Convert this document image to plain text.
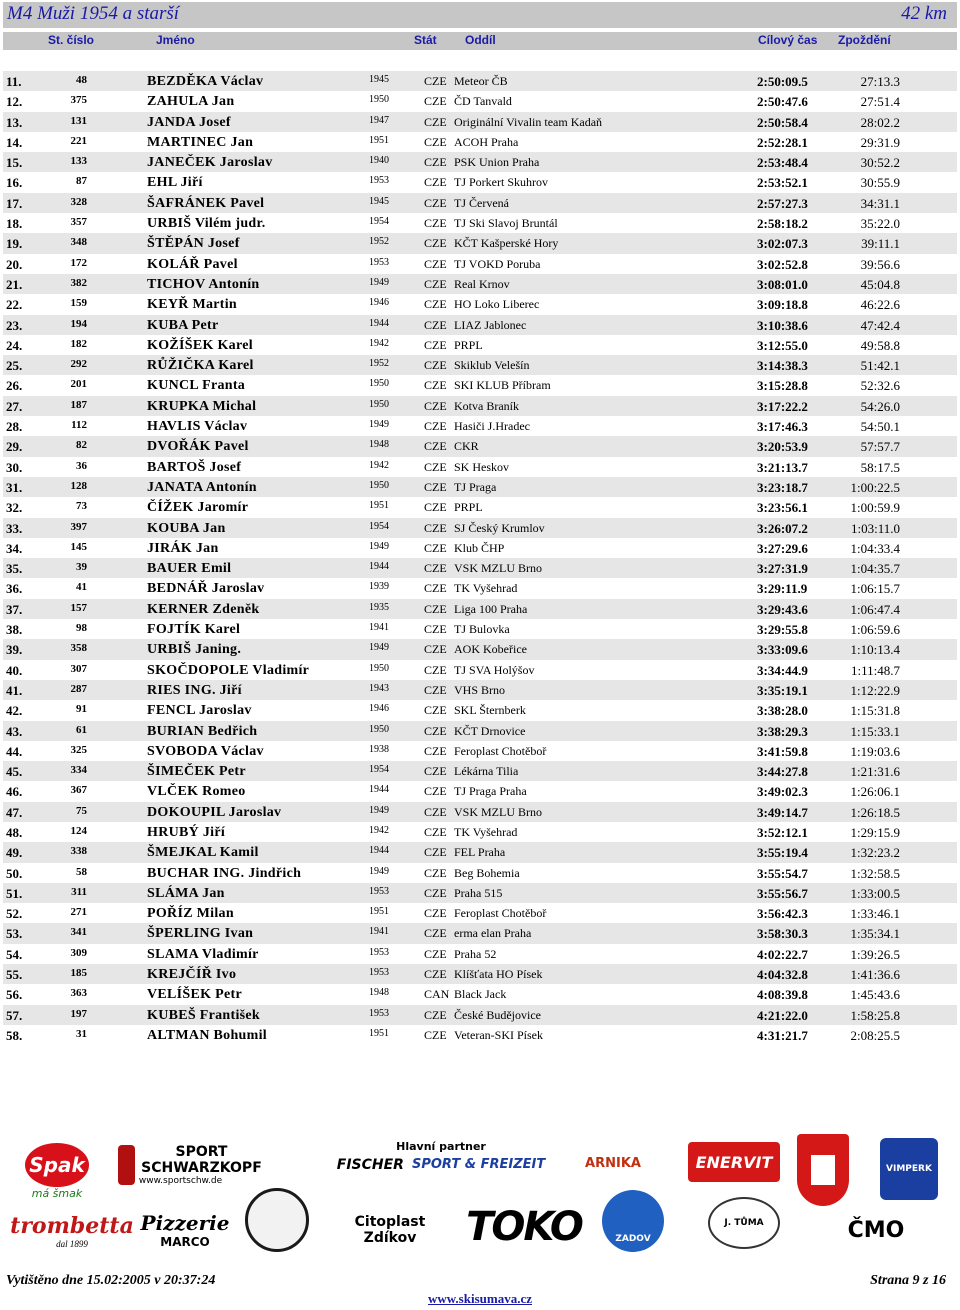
M4 Muži 1954 a starší	42 km
St. číslo	Jméno	Stát Oddíl	Cílový čas Zpoždění
11.	48	BEZDĚKA Václav	1945	CZE Meteor ČB	2:50:09.5	27:13.3
12.	375	ZAHULA Jan	1950	CZE ČD Tanvald	2:50:47.6	27:51.4
13.	131	JANDA Josef	1947	CZE Originální Vivalin team Kadaň	2:50:58.4	28:02.2
14.	221	MARTINEC Jan	1951	CZE ACOH Praha	2:52:28.1	29:31.9
15.	133	JANEČEK Jaroslav	1940	CZE PSK Union Praha	2:53:48.4	30:52.2
16.	87	EHL Jiří	1953	CZE TJ Porkert Skuhrov	2:53:52.1	30:55.9
17.	328	ŠAFRÁNEK Pavel	1945	CZE TJ Červená	2:57:27.3	34:31.1
18.	357	URBIŠ Vilém judr.	1954	CZE TJ Ski Slavoj Bruntál	2:58:18.2	35:22.0
19.	348	ŠTĚPÁN Josef	1952	CZE KČT Kašperské Hory	3:02:07.3	39:11.1
20.	172	KOLÁŘ Pavel	1953	CZE TJ VOKD Poruba	3:02:52.8	39:56.6
21.	382	TICHOV Antonín	1949	CZE Real Krnov	3:08:01.0	45:04.8
22.	159	KEYŘ Martin	1946	CZE HO Loko Liberec	3:09:18.8	46:22.6
23.	194	KUBA Petr	1944	CZE LIAZ Jablonec	3:10:38.6	47:42.4
24.	182	KOŽÍŠEK Karel	1942	CZE PRPL	3:12:55.0	49:58.8
25.	292	RŮŽIČKA Karel	1952	CZE Skiklub Velešín	3:14:38.3	51:42.1
26.	201	KUNCL Franta	1950	CZE SKI KLUB Příbram	3:15:28.8	52:32.6
27.	187	KRUPKA Michal	1950	CZE Kotva Braník	3:17:22.2	54:26.0
28.	112	HAVLIS Václav	1949	CZE Hasiči J.Hradec	3:17:46.3	54:50.1
29.	82	DVOŘÁK Pavel	1948	CZE CKR	3:20:53.9	57:57.7
30.	36	BARTOŠ Josef	1942	CZE SK Heskov	3:21:13.7	58:17.5
31.	128	JANATA Antonín	1950	CZE TJ Praga	3:23:18.7	1:00:22.5
32.	73	ČÍŽEK Jaromír	1951	CZE PRPL	3:23:56.1	1:00:59.9
33.	397	KOUBA Jan	1954	CZE SJ Český Krumlov	3:26:07.2	1:03:11.0
34.	145	JIRÁK Jan	1949	CZE Klub ČHP	3:27:29.6	1:04:33.4
35.	39	BAUER Emil	1944	CZE VSK MZLU Brno	3:27:31.9	1:04:35.7
36.	41	BEDNÁŘ Jaroslav	1939	CZE TK Vyšehrad	3:29:11.9	1:06:15.7
37.	157	KERNER Zdeněk	1935	CZE Liga 100 Praha	3:29:43.6	1:06:47.4
38.	98	FOJTÍK Karel	1941	CZE TJ Bulovka	3:29:55.8	1:06:59.6
39.	358	URBIŠ Janing.	1949	CZE AOK Kobeřice	3:33:09.6	1:10:13.4
40.	307	SKOČDOPOLE Vladimír	1950	CZE TJ SVA Holýšov	3:34:44.9	1:11:48.7
41.	287	RIES ING. Jiří	1943	CZE VHS Brno	3:35:19.1	1:12:22.9
42.	91	FENCL Jaroslav	1946	CZE SKL Šternberk	3:38:28.0	1:15:31.8
43.	61	BURIAN Bedřich	1950	CZE KČT Drnovice	3:38:29.3	1:15:33.1
44.	325	SVOBODA Václav	1938	CZE Feroplast Chotěboř	3:41:59.8	1:19:03.6
45.	334	ŠIMEČEK Petr	1954	CZE Lékárna Tilia	3:44:27.8	1:21:31.6
46.	367	VLČEK Romeo	1944	CZE TJ Praga Praha	3:49:02.3	1:26:06.1
47.	75	DOKOUPIL Jaroslav	1949	CZE VSK MZLU Brno	3:49:14.7	1:26:18.5
48.	124	HRUBÝ Jiří	1942	CZE TK Vyšehrad	3:52:12.1	1:29:15.9
49.	338	ŠMEJKAL Kamil	1944	CZE FEL Praha	3:55:19.4	1:32:23.2
50.	58	BUCHAR ING. Jindřich	1949	CZE Beg Bohemia	3:55:54.7	1:32:58.5
51.	311	SLÁMA Jan	1953	CZE Praha 515	3:55:56.7	1:33:00.5
52.	271	POŘÍZ Milan	1951	CZE Feroplast Chotěboř	3:56:42.3	1:33:46.1
53.	341	ŠPERLING Ivan	1941	CZE erma elan Praha	3:58:30.3	1:35:34.1
54.	309	SLAMA Vladimír	1953	CZE Praha 52	4:02:22.7	1:39:26.5
55.	185	KREJČÍŘ Ivo	1953	CZE Klíšťata HO Písek	4:04:32.8	1:41:36.6
56.	363	VELÍŠEK Petr	1948	CAN Black Jack	4:08:39.8	1:45:43.6
57.	197	KUBEŠ František	1953	CZE České Budějovice	4:21:22.0	1:58:25.8
58.	31	ALTMAN Bohumil	1951	CZE Veteran-SKI Písek	4:31:21.7	2:08:25.5
Spak
má šmak
SPORT SCHWARZKOPF
www.sportschw.de
Hlavní partner
FISCHER SPORT & FREIZEIT	ARNIKA	ENERVIT	VIMPERK
trombetta
dal 1899
Pizzerie
MARCO
Citoplast
Zdíkov TOKO	ZADOV
J. TŮMA	ČMO
Vytištěno dne 15.02:2005 v 20:37:24	Strana 9 z 16
www.skisumava.cz
